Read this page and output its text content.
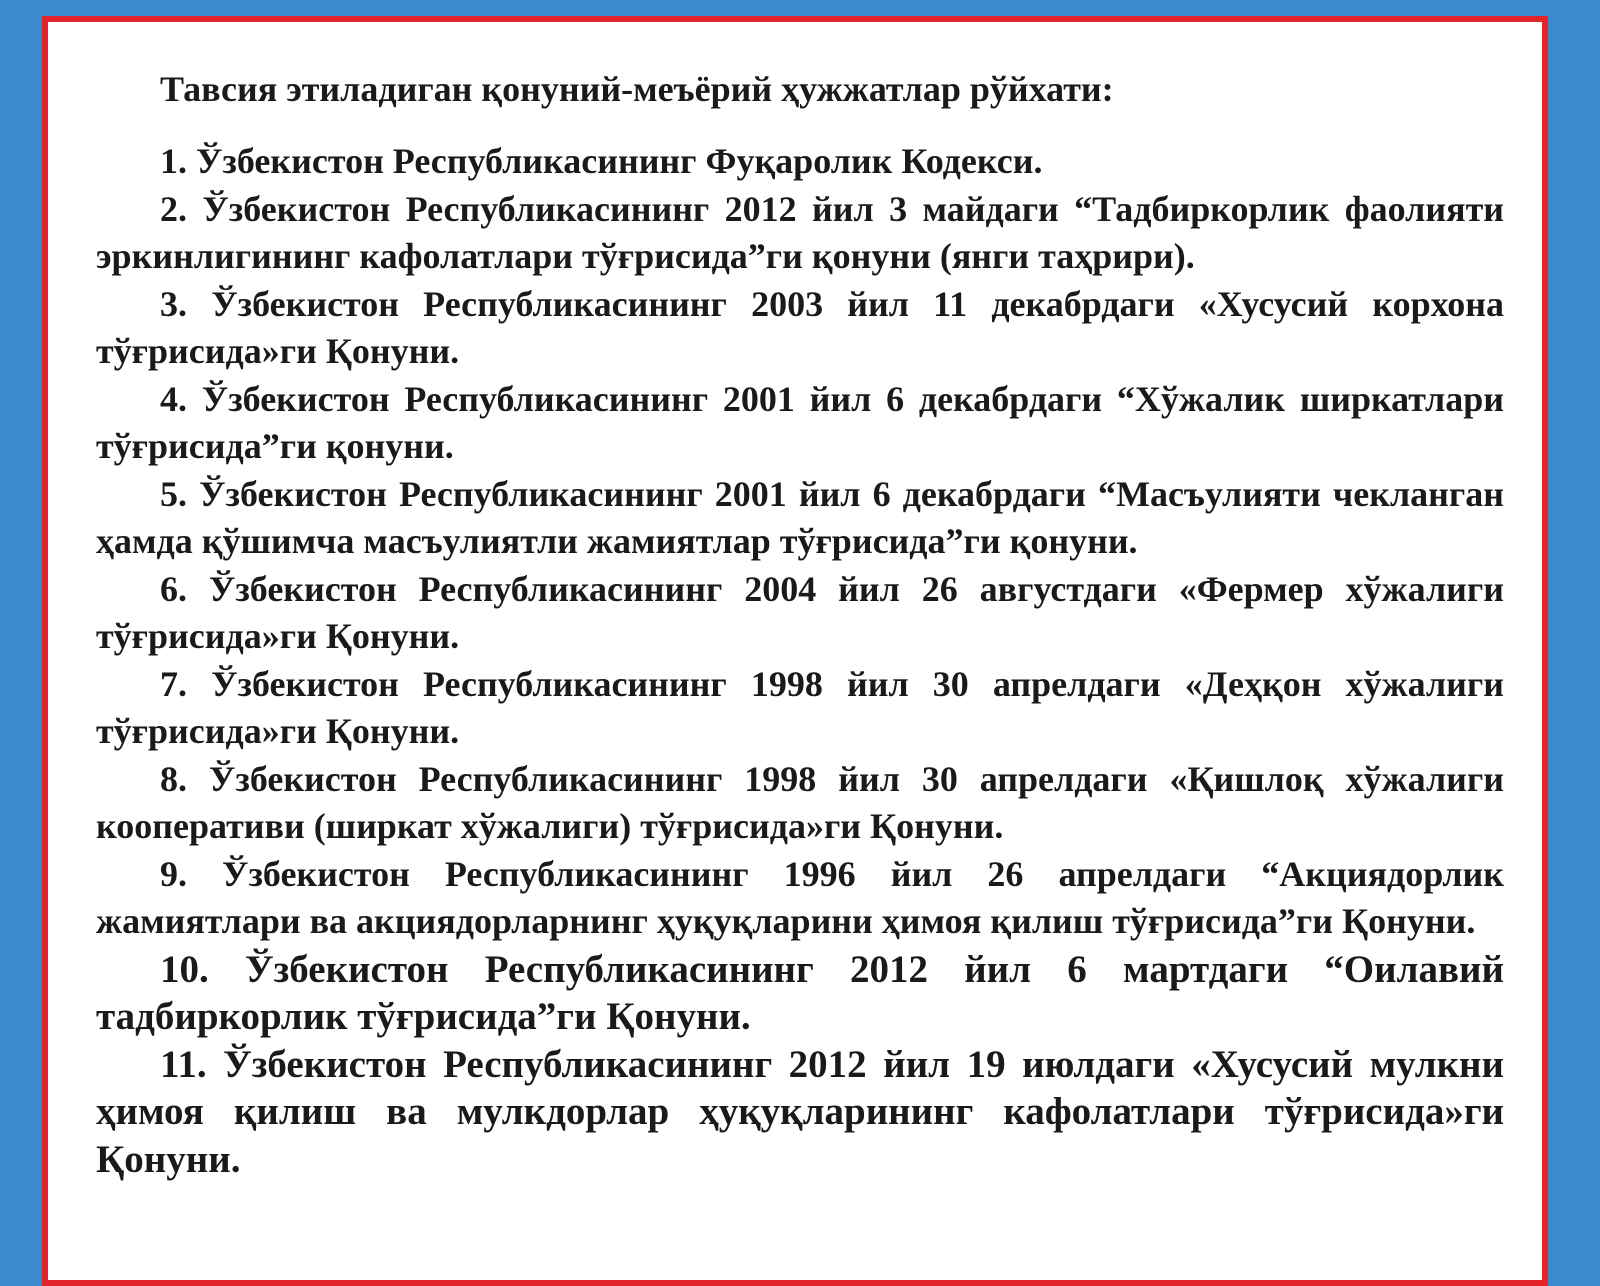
Тавсия этиладиган қонуний-меъёрий ҳужжатлар рўйхати:

1. Ўзбекистон Республикасининг Фуқаролик Кодекси.

2. Ўзбекистон Республикасининг 2012 йил 3 майдаги “Тадбиркорлик фаолияти эркинлигининг кафолатлари тўғрисида”ги қонуни (янги таҳрири).

3. Ўзбекистон Республикасининг 2003 йил 11 декабрдаги «Хусусий корхона тўғрисида»ги Қонуни.

4. Ўзбекистон Республикасининг 2001 йил 6 декабрдаги “Хўжалик ширкатлари тўғрисида”ги қонуни.

5. Ўзбекистон Республикасининг 2001 йил 6 декабрдаги “Масъулияти чекланган ҳамда қўшимча масъулиятли жамиятлар тўғрисида”ги қонуни.

6. Ўзбекистон Республикасининг 2004 йил 26 августдаги «Фермер хўжалиги тўғрисида»ги Қонуни.

7. Ўзбекистон Республикасининг 1998 йил 30 апрелдаги «Деҳқон хўжалиги тўғрисида»ги Қонуни.

8. Ўзбекистон Республикасининг 1998 йил 30 апрелдаги «Қишлоқ хўжалиги кооперативи (ширкат хўжалиги) тўғрисида»ги Қонуни.

9. Ўзбекистон Республикасининг 1996 йил 26 апрелдаги “Акциядорлик жамиятлари ва акциядорларнинг ҳуқуқларини ҳимоя қилиш тўғрисида”ги Қонуни.

10. Ўзбекистон Республикасининг 2012 йил 6 мартдаги “Оилавий тадбиркорлик тўғрисида”ги Қонуни.

11. Ўзбекистон Республикасининг 2012 йил 19 июлдаги «Хусусий мулкни ҳимоя қилиш ва мулкдорлар ҳуқуқларининг кафолатлари тўғрисида»ги Қонуни.
